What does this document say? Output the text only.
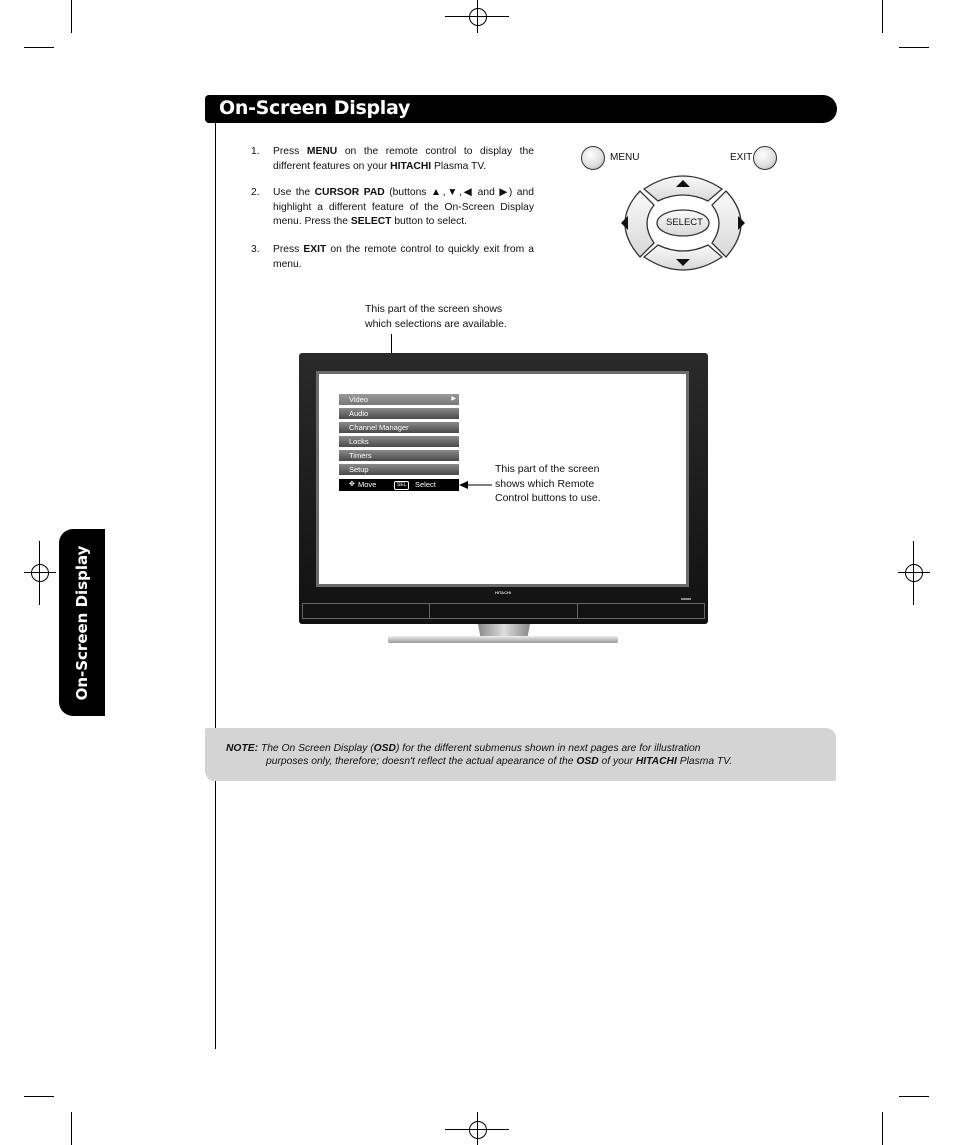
On-Screen Display
On-Screen Display
1. Press MENU on the remote control to display the different features on your HITACHI Plasma TV.
2. Use the CURSOR PAD (buttons ▲,▼,◀ and ▶) and highlight a different feature of the On-Screen Display menu. Press the SELECT button to select.
3. Press EXIT on the remote control to quickly exit from a menu.
MENU	EXIT
SELECT
This part of the screen shows
which selections are available.
HITACHI
Video	▶
Audio
Channel Manager
Locks
Timers
Setup
✥ Move	SEL	Select
This part of the screen
shows which Remote
Control buttons to use.
NOTE: The On Screen Display (OSD) for the different submenus shown in next pages are for illustration
purposes only, therefore; doesn't reflect the actual apearance of the OSD of your HITACHI Plasma TV.
